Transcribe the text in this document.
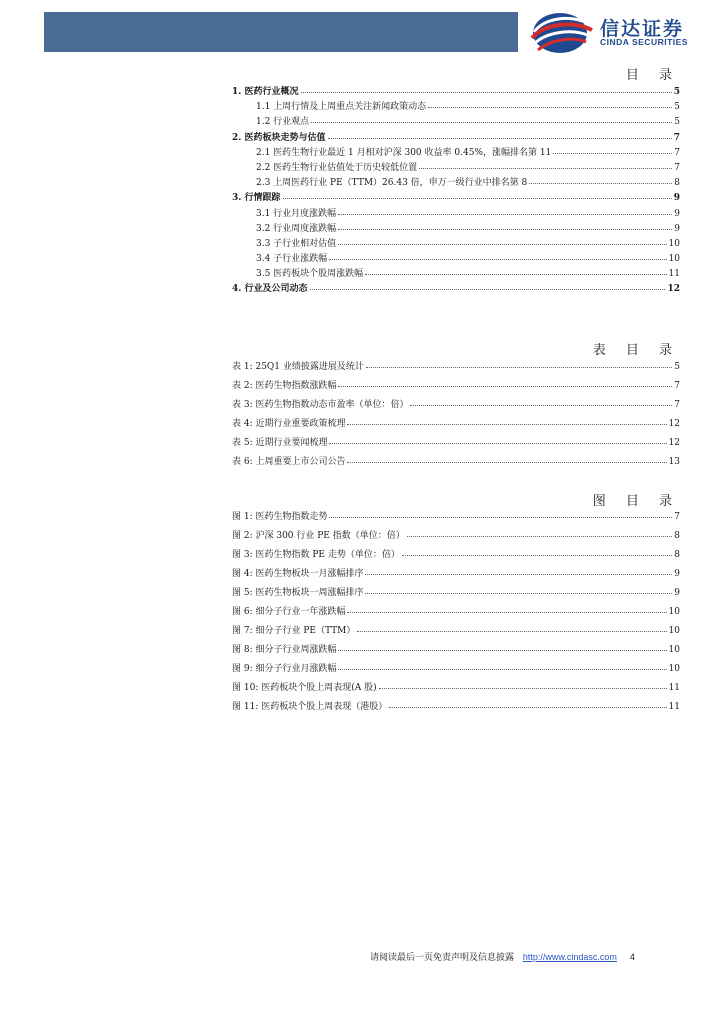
信达证券
CINDA SECURITIES
目 录
1. 医药行业概况	5
1.1 上周行情及上周重点关注新闻政策动态	5
1.2 行业观点	5
2. 医药板块走势与估值	7
2.1 医药生物行业最近 1 月相对沪深 300 收益率 0.45%，涨幅排名第 11	7
2.2 医药生物行业估值处于历史较低位置	7
2.3 上周医药行业 PE（TTM）26.43 倍，申万一级行业中排名第 8	8
3. 行情跟踪	9
3.1 行业月度涨跌幅	9
3.2 行业周度涨跌幅	9
3.3 子行业相对估值	10
3.4 子行业涨跌幅	10
3.5 医药板块个股周涨跌幅	11
4. 行业及公司动态	12
表 目 录
表 1: 25Q1 业绩披露进展及统计	5
表 2: 医药生物指数涨跌幅	7
表 3: 医药生物指数动态市盈率（单位：倍）	7
表 4: 近期行业重要政策梳理	12
表 5: 近期行业要闻梳理	12
表 6: 上周重要上市公司公告	13
图 目 录
图 1: 医药生物指数走势	7
图 2: 沪深 300 行业 PE 指数（单位：倍）	8
图 3: 医药生物指数 PE 走势（单位：倍）	8
图 4: 医药生物板块一月涨幅排序	9
图 5: 医药生物板块一周涨幅排序	9
图 6: 细分子行业一年涨跌幅	10
图 7: 细分子行业 PE（TTM）	10
图 8: 细分子行业周涨跌幅	10
图 9: 细分子行业月涨跌幅	10
图 10: 医药板块个股上周表现(A 股)	11
图 11: 医药板块个股上周表现（港股）	11
请阅读最后一页免责声明及信息披露 http://www.cindasc.com 4
